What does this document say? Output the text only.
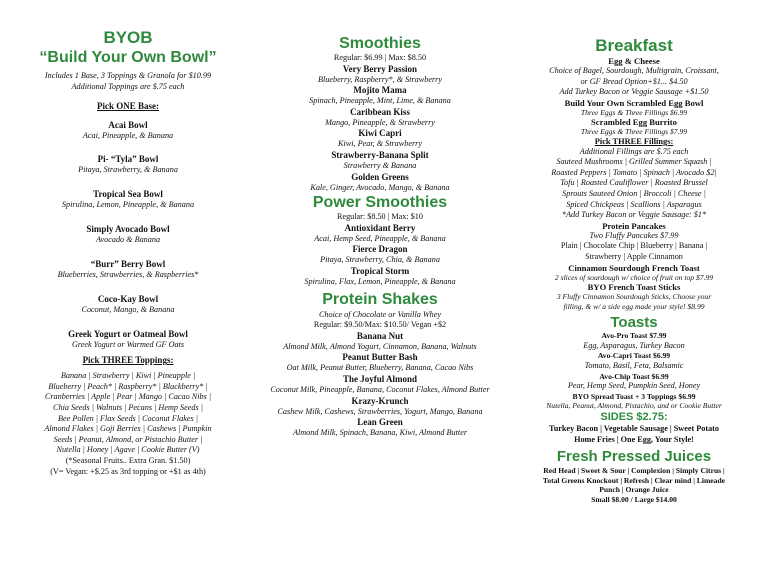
BYOB

“Build Your Own Bowl”

Includes 1 Base, 3 Toppings & Granola for $10.99

Additional Toppings are $.75 each

Pick ONE Base:

Acai Bowl

Acai, Pineapple, & Banana

Pi- “Tyla” Bowl

Pitaya, Strawberry, & Banana

Tropical Sea Bowl

Spirulina, Lemon, Pineapple, & Banana

Simply Avocado Bowl

Avocado & Banana

“Burr” Berry Bowl

Blueberries, Strawberries, & Raspberries*

Coco-Kay Bowl

Coconut, Mango, & Banana

Greek Yogurt or Oatmeal Bowl

Greek Yogurt or Warmed GF Oats

Pick THREE Toppings:

Banana | Strawberry | Kiwi | Pineapple |

Blueberry | Peach* | Raspberry* | Blackberry* |

Cranberries | Apple | Pear | Mango | Cacao Nibs |

Chia Seeds | Walnuts | Pecans | Hemp Seeds |

Bee Pollen | Flax Seeds | Coconut Flakes |

Almond Flakes | Goji Berries | Cashews | Pumpkin

Seeds | Peanut, Almond, or Pistachio Butter |

Nutella | Honey | Agave | Cookie Butter (V)

(*Seasonal Fruits.. Extra Gran. $1.50)

(V= Vegan: +$.25 as 3rd topping or +$1 as 4th)

Smoothies

Regular: $6.99 | Max: $8.50

Very Berry Passion

Blueberry, Raspberry*, & Strawberry

Mojito Mama

Spinach, Pineapple, Mint, Lime, & Banana

Caribbean Kiss

Mango, Pineapple, & Strawberry

Kiwi Capri

Kiwi, Pear, & Strawberry

Strawberry-Banana Split

Strawberry & Banana

Golden Greens

Kale, Ginger, Avocado, Mango, & Banana

Power Smoothies

Regular: $8.50 | Max: $10

Antioxidant Berry

Acai, Hemp Seed, Pineapple, & Banana

Fierce Dragon

Pitaya, Strawberry, Chia, & Banana

Tropical Storm

Spirulina, Flax, Lemon, Pineapple, & Banana

Protein Shakes

Choice of Chocolate or Vanilla Whey

Regular: $9.50/Max: $10.50/ Vegan +$2

Banana Nut

Almond Milk, Almond Yogurt, Cinnamon, Banana, Walnuts

Peanut Butter Bash

Oat Milk, Peanut Butter, Blueberry, Banana, Cacao Nibs

The Joyful Almond

Coconut Milk, Pineapple, Banana, Coconut Flakes, Almond Butter

Krazy-Krunch

Cashew Milk, Cashews, Strawberries, Yogurt, Mango, Banana

Lean Green

Almond Milk, Spinach, Banana, Kiwi, Almond Butter

Breakfast

Egg & Cheese

Choice of Bagel, Sourdough, Multigrain, Croissant,

or GF Bread Option+$1... $4.50

Add Turkey Bacon or Veggie Sausage +$1.50

Build Your Own Scrambled Egg Bowl

Three Eggs & Three Fillings $6.99

Scrambled Egg Burrito

Three Eggs & Three Fillings $7.99

Pick THREE Fillings:

Additional Fillings are $.75 each

Sauteed Mushrooms | Grilled Summer Squash |

Roasted Peppers | Tomato | Spinach | Avocado $2|

Tofu | Roasted Cauliflower | Roasted Brussel

Sprouts Sauteed Onion | Broccoli | Cheese |

Spiced Chickpeas | Scallions | Asparagus

*Add Turkey Bacon or Veggie Sausage: $1*

Protein Pancakes

Two Fluffy Pancakes $7.99

Plain | Chocolate Chip | Blueberry | Banana |

Strawberry | Apple Cinnamon

Cinnamon Sourdough French Toast

2 slices of sourdough w/ choice of fruit on top $7.99

BYO French Toast Sticks

3 Fluffy Cinnamon Sourdough Sticks, Choose your

filling, & w/ a side egg made your style! $8.99

Toasts

Avo-Pro Toast $7.99

Egg, Asparagus, Turkey Bacon

Avo-Capri Toast $6.99

Tomato, Basil, Feta, Balsamic

Avo-Chip Toast $6.99

Pear, Hemp Seed, Pumpkin Seed, Honey

BYO Spread Toast + 3 Toppings $6.99

Nutella, Peanut, Almond, Pistachio, and or Cookie Butter

SIDES $2.75:

Turkey Bacon | Vegetable Sausage | Sweet Potato

Home Fries | One Egg, Your Style!

Fresh Pressed Juices

Red Head | Sweet & Sour | Complexion | Simply Citrus |

Total Greens Knockout | Refresh | Clear mind | Limeade

Punch | Orange Juice

Small $8.00 / Large $14.00
